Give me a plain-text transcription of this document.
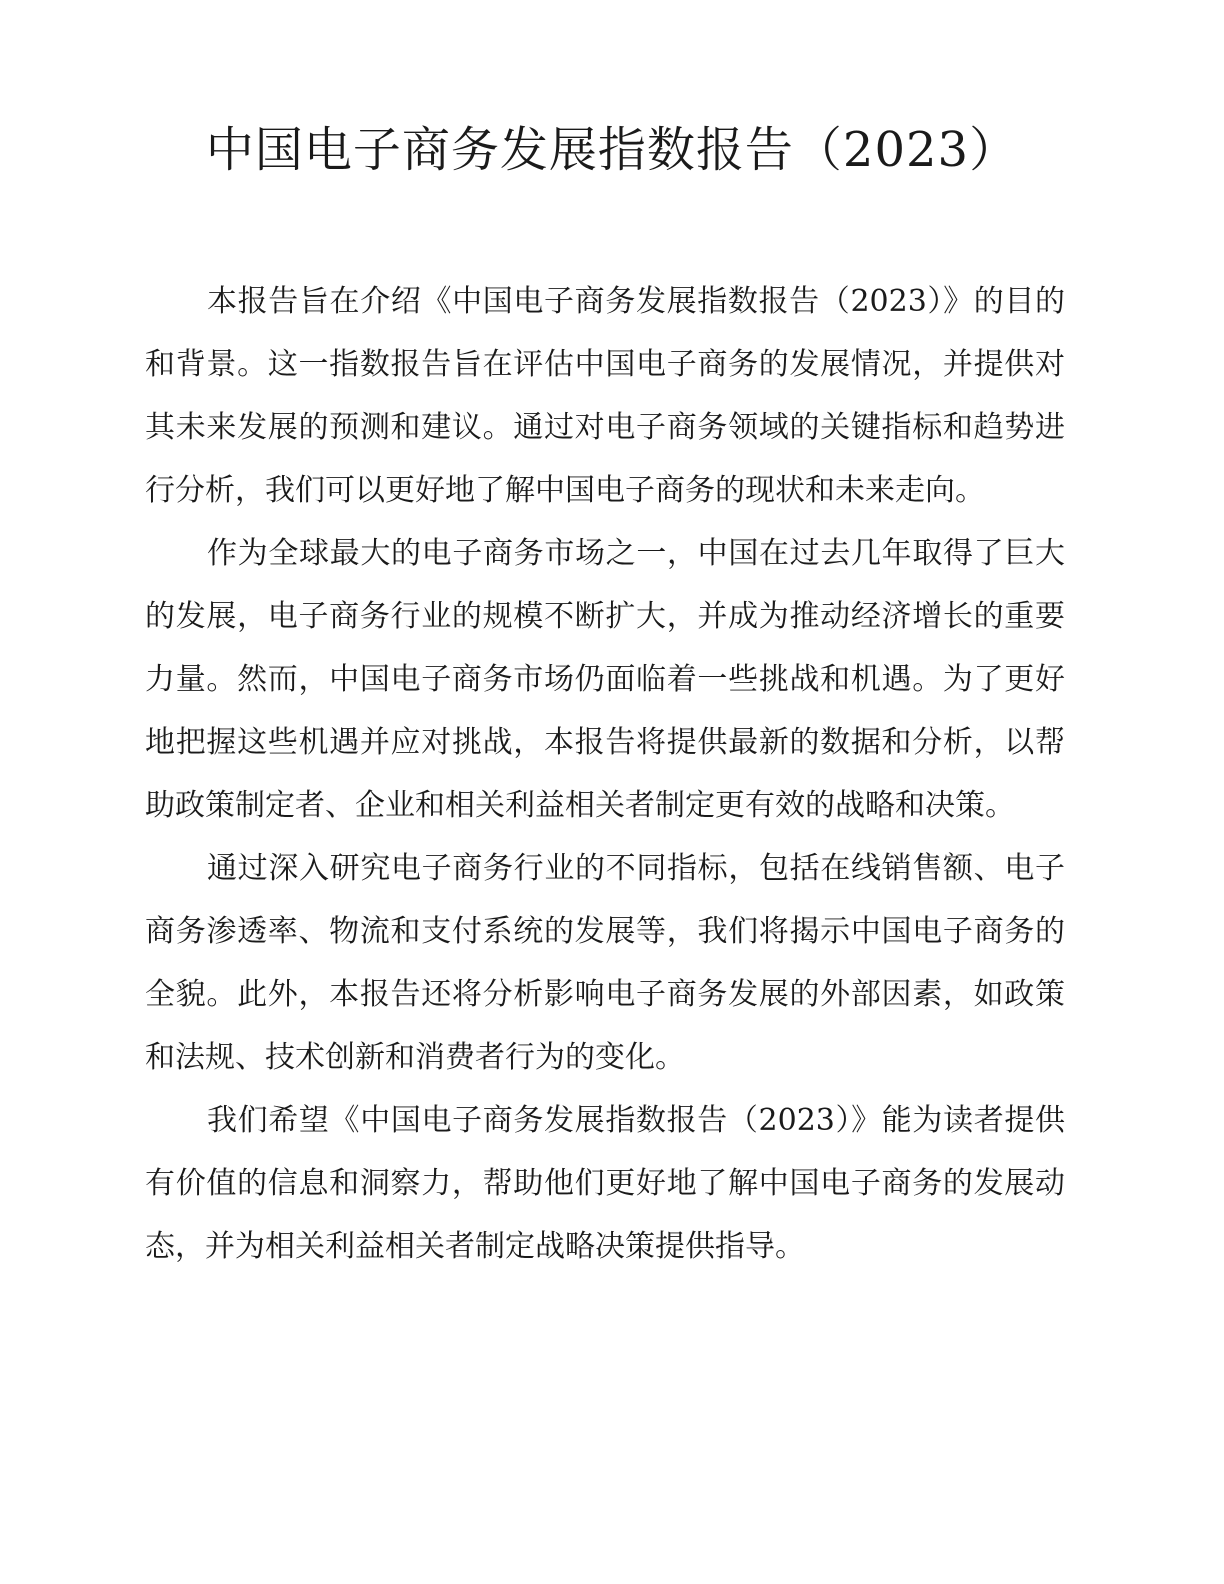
中国电子商务发展指数报告（2023）

本报告旨在介绍《中国电子商务发展指数报告（2023）》的目的和背景。这一指数报告旨在评估中国电子商务的发展情况，并提供对其未来发展的预测和建议。通过对电子商务领域的关键指标和趋势进行分析，我们可以更好地了解中国电子商务的现状和未来走向。

作为全球最大的电子商务市场之一，中国在过去几年取得了巨大的发展，电子商务行业的规模不断扩大，并成为推动经济增长的重要力量。然而，中国电子商务市场仍面临着一些挑战和机遇。为了更好地把握这些机遇并应对挑战，本报告将提供最新的数据和分析，以帮助政策制定者、企业和相关利益相关者制定更有效的战略和决策。

通过深入研究电子商务行业的不同指标，包括在线销售额、电子商务渗透率、物流和支付系统的发展等，我们将揭示中国电子商务的全貌。此外，本报告还将分析影响电子商务发展的外部因素，如政策和法规、技术创新和消费者行为的变化。

我们希望《中国电子商务发展指数报告（2023）》能为读者提供有价值的信息和洞察力，帮助他们更好地了解中国电子商务的发展动态，并为相关利益相关者制定战略决策提供指导。
